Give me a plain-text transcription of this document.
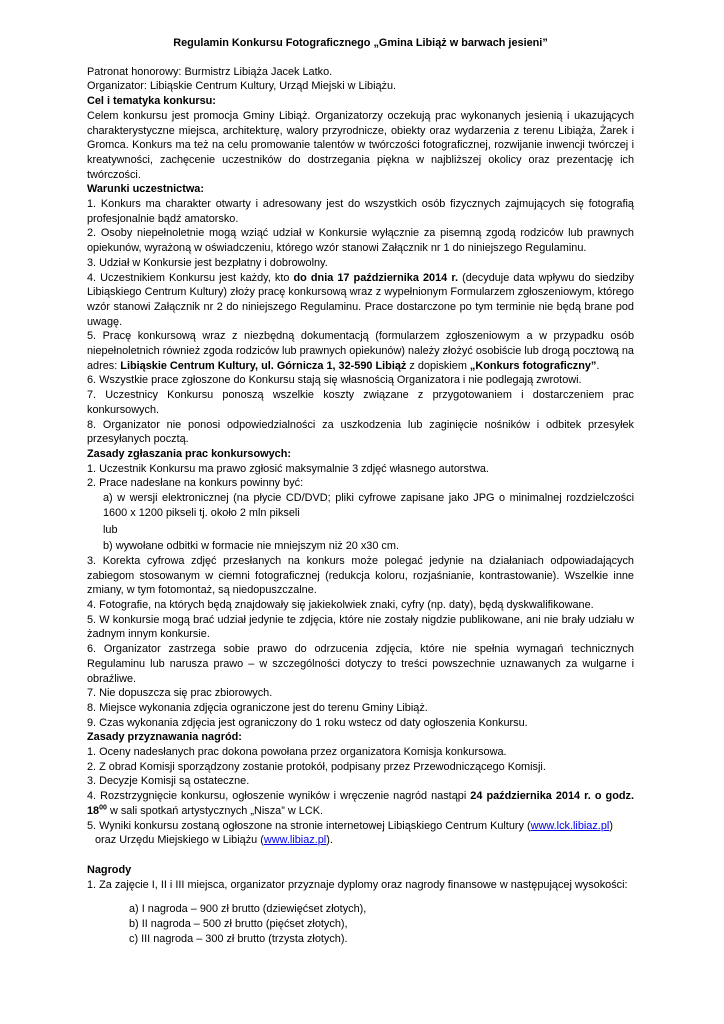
Regulamin Konkursu Fotograficznego „Gmina Libiąż w barwach jesieni”
Patronat honorowy: Burmistrz Libiąża Jacek Latko.
Organizator: Libiąskie Centrum Kultury, Urząd Miejski w Libiążu.
Cel i tematyka konkursu:
Celem konkursu jest promocja Gminy Libiąż. Organizatorzy oczekują prac wykonanych jesienią i ukazujących charakterystyczne miejsca, architekturę, walory przyrodnicze, obiekty oraz wydarzenia z terenu Libiąża, Żarek i Gromca. Konkurs ma też na celu promowanie talentów w twórczości fotograficznej, rozwijanie inwencji twórczej i kreatywności, zachęcenie uczestników do dostrzegania piękna w najbliższej okolicy oraz prezentację ich twórczości.
Warunki uczestnictwa:
1. Konkurs ma charakter otwarty i adresowany jest do wszystkich osób fizycznych zajmujących się fotografią profesjonalnie bądź amatorsko.
2. Osoby niepełnoletnie mogą wziąć udział w Konkursie wyłącznie za pisemną zgodą rodziców lub prawnych opiekunów, wyrażoną w oświadczeniu, którego wzór stanowi Załącznik nr 1 do niniejszego Regulaminu.
3. Udział w Konkursie jest bezpłatny i dobrowolny.
4. Uczestnikiem Konkursu jest każdy, kto do dnia 17 października 2014 r. (decyduje data wpływu do siedziby Libiąskiego Centrum Kultury) złoży pracę konkursową wraz z wypełnionym Formularzem zgłoszeniowym, którego wzór stanowi Załącznik nr 2 do niniejszego Regulaminu. Prace dostarczone po tym terminie nie będą brane pod uwagę.
5. Pracę konkursową wraz z niezbędną dokumentacją (formularzem zgłoszeniowym a w przypadku osób niepełnoletnich również zgoda rodziców lub prawnych opiekunów) należy złożyć osobiście lub drogą pocztową na adres: Libiąskie Centrum Kultury, ul. Górnicza 1, 32-590 Libiąż z dopiskiem „Konkurs fotograficzny”.
6. Wszystkie prace zgłoszone do Konkursu stają się własnością Organizatora i nie podlegają zwrotowi.
7. Uczestnicy Konkursu ponoszą wszelkie koszty związane z przygotowaniem i dostarczeniem prac konkursowych.
8. Organizator nie ponosi odpowiedzialności za uszkodzenia lub zaginięcie nośników i odbitek przesyłek przesyłanych pocztą.
Zasady zgłaszania prac konkursowych:
1. Uczestnik Konkursu ma prawo zgłosić maksymalnie 3 zdjęć własnego autorstwa.
2. Prace nadesłane na konkurs powinny być:
a) w wersji elektronicznej (na płycie CD/DVD; pliki cyfrowe zapisane jako JPG o minimalnej rozdzielczości 1600 x 1200 pikseli tj. około 2 mln pikseli
lub
b) wywołane odbitki w formacie nie mniejszym niż 20 x30 cm.
3. Korekta cyfrowa zdjęć przesłanych na konkurs może polegać jedynie na działaniach odpowiadających zabiegom stosowanym w ciemni fotograficznej (redukcja koloru, rozjaśnianie, kontrastowanie). Wszelkie inne zmiany, w tym fotomontaż, są niedopuszczalne.
4. Fotografie, na których będą znajdowały się jakiekolwiek znaki, cyfry (np. daty), będą dyskwalifikowane.
5. W konkursie mogą brać udział jedynie te zdjęcia, które nie zostały nigdzie publikowane, ani nie brały udziału w żadnym innym konkursie.
6. Organizator zastrzega sobie prawo do odrzucenia zdjęcia, które nie spełnia wymagań technicznych Regulaminu lub narusza prawo – w szczególności dotyczy to treści powszechnie uznawanych za wulgarne i obraźliwe.
7. Nie dopuszcza się prac zbiorowych.
8. Miejsce wykonania zdjęcia ograniczone jest do terenu Gminy Libiąż.
9. Czas wykonania zdjęcia jest ograniczony do 1 roku wstecz od daty ogłoszenia Konkursu.
Zasady przyznawania nagród:
1. Oceny nadesłanych prac dokona powołana przez organizatora Komisja konkursowa.
2. Z obrad Komisji sporządzony zostanie protokół, podpisany przez Przewodniczącego Komisji.
3. Decyzje Komisji są ostateczne.
4. Rozstrzygnięcie konkursu, ogłoszenie wyników i wręczenie nagród nastąpi 24 października 2014 r. o godz. $18^{00}$ w sali spotkań artystycznych „Nisza” w LCK.
5. Wyniki konkursu zostaną ogłoszone na stronie internetowej Libiąskiego Centrum Kultury (www.lck.libiaz.pl)
oraz Urzędu Miejskiego w Libiążu (www.libiaz.pl).
Nagrody
1. Za zajęcie I, II i III miejsca, organizator przyznaje dyplomy oraz nagrody finansowe w następującej wysokości:
a) I nagroda – 900 zł brutto (dziewięćset złotych),
b) II nagroda – 500 zł brutto (pięćset złotych),
c) III nagroda – 300 zł brutto (trzysta złotych).
